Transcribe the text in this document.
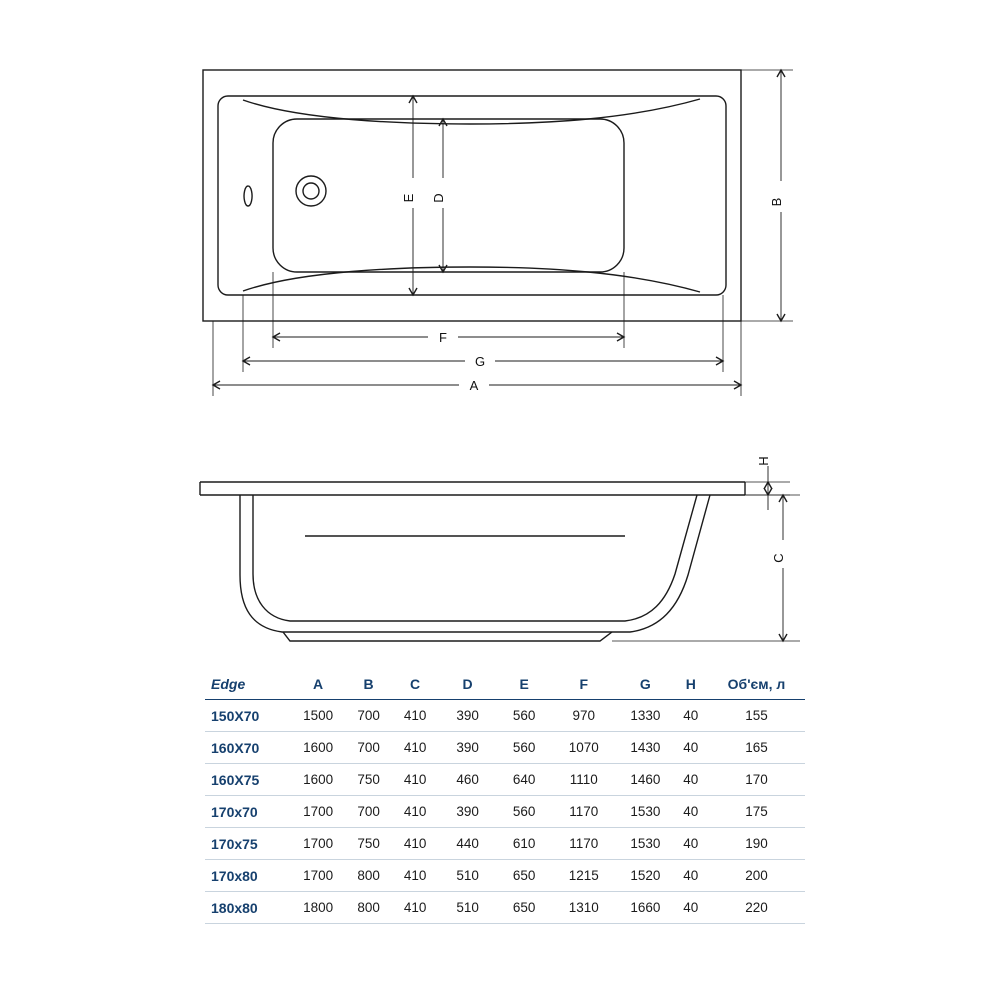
B
D
E
F
G
A
H
C
Edge	A	B	C	D	E	F	G	H	Об'єм, л
150X70	1500	700	410	390	560	970	1330	40	155
160X70	1600	700	410	390	560	1070	1430	40	165
160X75	1600	750	410	460	640	1110	1460	40	170
170x70	1700	700	410	390	560	1170	1530	40	175
170x75	1700	750	410	440	610	1170	1530	40	190
170x80	1700	800	410	510	650	1215	1520	40	200
180x80	1800	800	410	510	650	1310	1660	40	220
